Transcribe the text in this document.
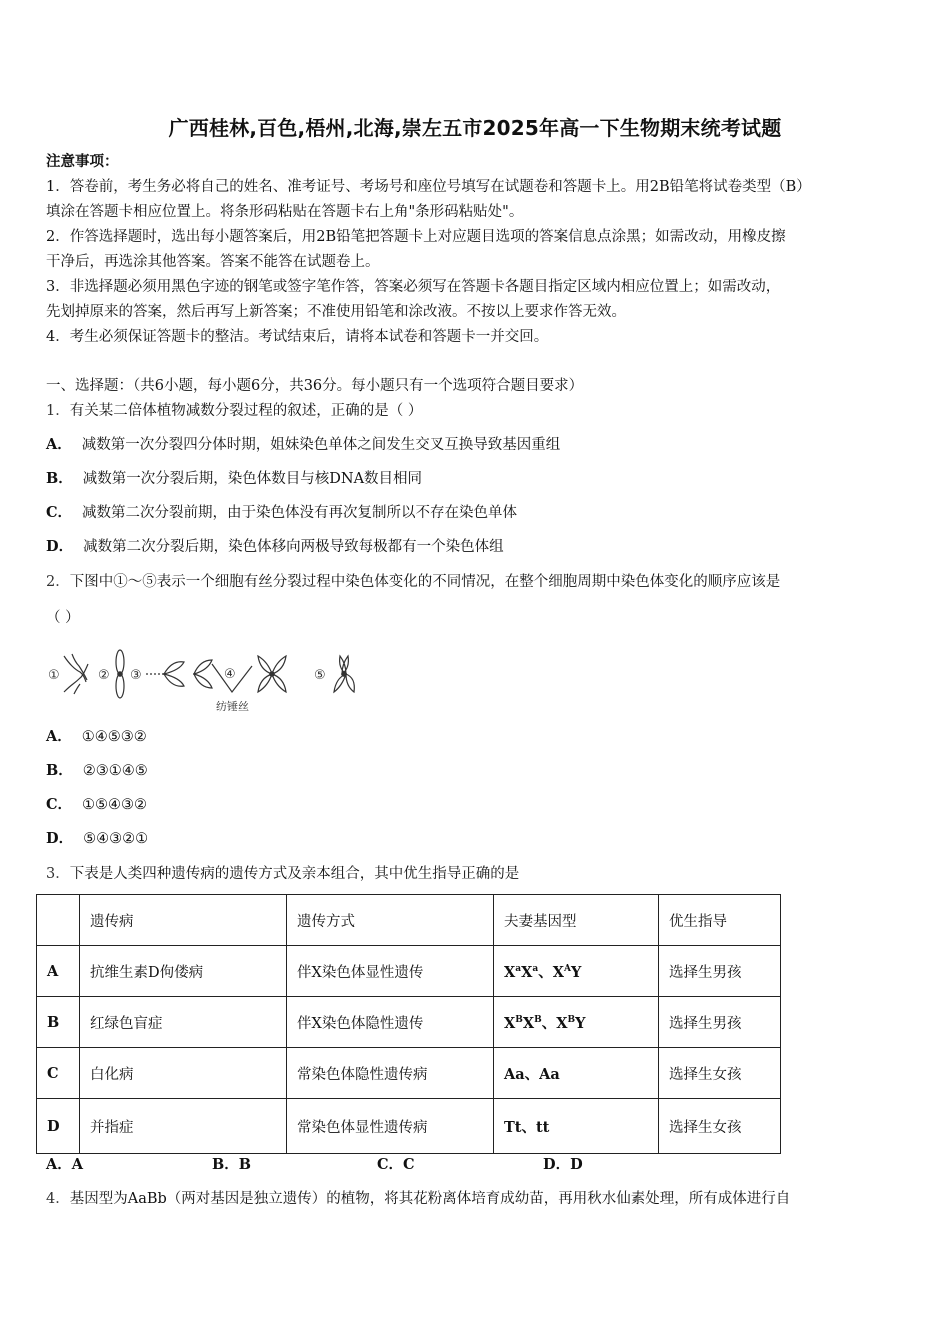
广西桂林,百色,梧州,北海,崇左五市2025年高一下生物期末统考试题
注意事项：
1．答卷前，考生务必将自己的姓名、准考证号、考场号和座位号填写在试题卷和答题卡上。用2B铅笔将试卷类型（B）
填涂在答题卡相应位置上。将条形码粘贴在答题卡右上角"条形码粘贴处"。
2．作答选择题时，选出每小题答案后，用2B铅笔把答题卡上对应题目选项的答案信息点涂黑；如需改动，用橡皮擦
干净后，再选涂其他答案。答案不能答在试题卷上。
3．非选择题必须用黑色字迹的钢笔或签字笔作答，答案必须写在答题卡各题目指定区域内相应位置上；如需改动，
先划掉原来的答案，然后再写上新答案；不准使用铅笔和涂改液。不按以上要求作答无效。
4．考生必须保证答题卡的整洁。考试结束后，请将本试卷和答题卡一并交回。
一、选择题：（共6小题，每小题6分，共36分。每小题只有一个选项符合题目要求）
1．有关某二倍体植物减数分裂过程的叙述，正确的是（ ）
A． 减数第一次分裂四分体时期，姐妹染色单体之间发生交叉互换导致基因重组
B． 减数第一次分裂后期，染色体数目与核DNA数目相同
C． 减数第二次分裂前期，由于染色体没有再次复制所以不存在染色单体
D． 减数第二次分裂后期，染色体移向两极导致每极都有一个染色体组
2．下图中①～⑤表示一个细胞有丝分裂过程中染色体变化的不同情况，在整个细胞周期中染色体变化的顺序应该是
（ ）
①	② ③	④	⑤
纺锤丝
A． ①④⑤③②
B． ②③①④⑤
C． ①⑤④③②
D． ⑤④③②①
3．下表是人类四种遗传病的遗传方式及亲本组合，其中优生指导正确的是
	遗传病	遗传方式	夫妻基因型	优生指导
A	抗维生素D佝偻病	伴X染色体显性遗传	$X^aX^a$、$X^AY$	选择生男孩
B	红绿色盲症	伴X染色体隐性遗传	$X^BX^B$、$X^BY$	选择生男孩
C	白化病	常染色体隐性遗传病	Aa、Aa	选择生女孩
D	并指症	常染色体显性遗传病	Tt、tt	选择生女孩
A．A	B．B	C．C	D．D
4．基因型为AaBb（两对基因是独立遗传）的植物，将其花粉离体培育成幼苗，再用秋水仙素处理，所有成体进行自
